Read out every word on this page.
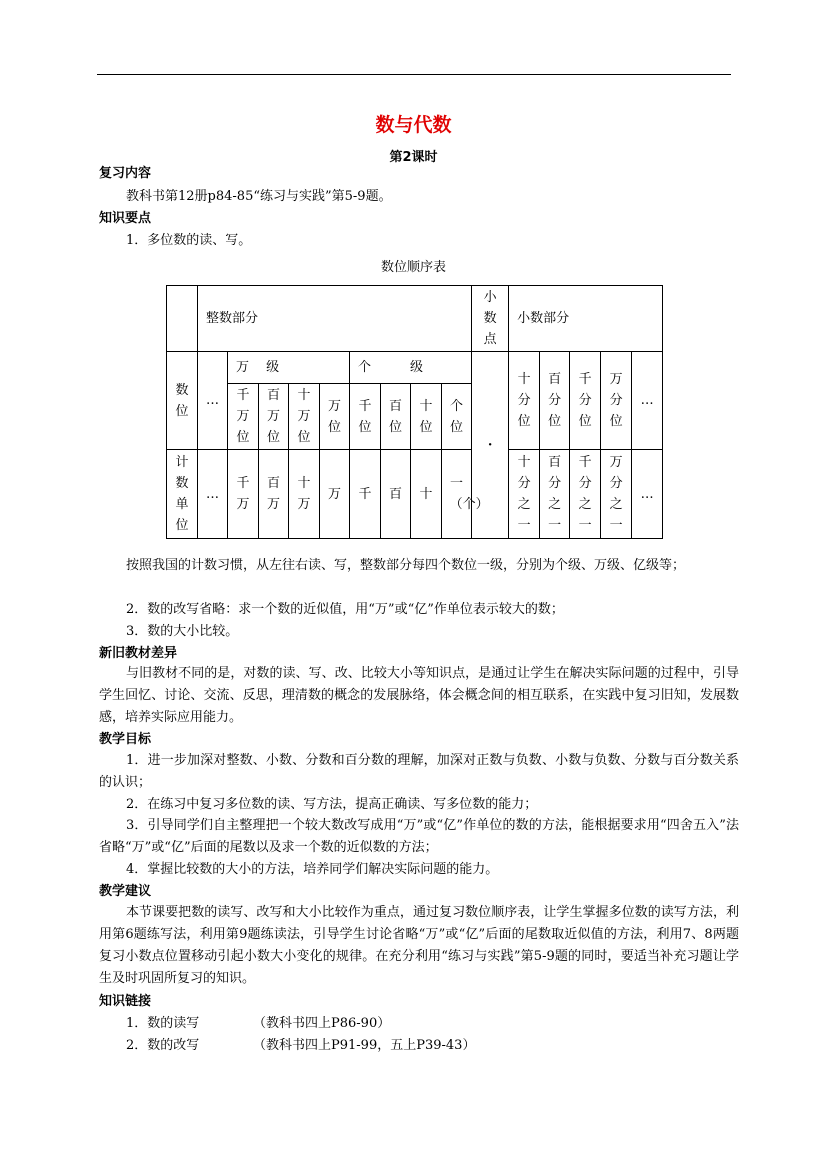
数与代数
第2课时
复习内容
教科书第12册p84-85“练习与实践”第5-9题。
知识要点
1．多位数的读、写。
数位顺序表
	整数部分									小数点	小数部分				
数位	…	万　 级				个　　　级				·	十分位	百分位	千分位	万分位	…
		千万位	百万位	十万位	万位	千位	百位	十位	个位						
计数单位	…	千万	百万	十万	万	千	百	十	一（个）		十分之一	百分之一	千分之一	万分之一	…
按照我国的计数习惯，从左往右读、写，整数部分每四个数位一级，分别为个级、万级、亿级等；
2．数的改写省略：求一个数的近似值，用“万”或“亿”作单位表示较大的数；
3．数的大小比较。
新旧教材差异
与旧教材不同的是，对数的读、写、改、比较大小等知识点，是通过让学生在解决实际问题的过程中，引导学生回忆、讨论、交流、反思，理清数的概念的发展脉络，体会概念间的相互联系，在实践中复习旧知，发展数感，培养实际应用能力。
教学目标
1．进一步加深对整数、小数、分数和百分数的理解，加深对正数与负数、小数与负数、分数与百分数关系的认识；
2．在练习中复习多位数的读、写方法，提高正确读、写多位数的能力；
3．引导同学们自主整理把一个较大数改写成用“万”或“亿”作单位的数的方法，能根据要求用“四舍五入”法省略“万”或“亿”后面的尾数以及求一个数的近似数的方法；
4．掌握比较数的大小的方法，培养同学们解决实际问题的能力。
教学建议
本节课要把数的读写、改写和大小比较作为重点，通过复习数位顺序表，让学生掌握多位数的读写方法，利用第6题练写法，利用第9题练读法，引导学生讨论省略“万”或“亿”后面的尾数取近似值的方法，利用7、8两题复习小数点位置移动引起小数大小变化的规律。在充分利用“练习与实践”第5-9题的同时，要适当补充习题让学生及时巩固所复习的知识。
知识链接
1．数的读写	（教科书四上P86-90）
2．数的改写	（教科书四上P91-99，五上P39-43）
